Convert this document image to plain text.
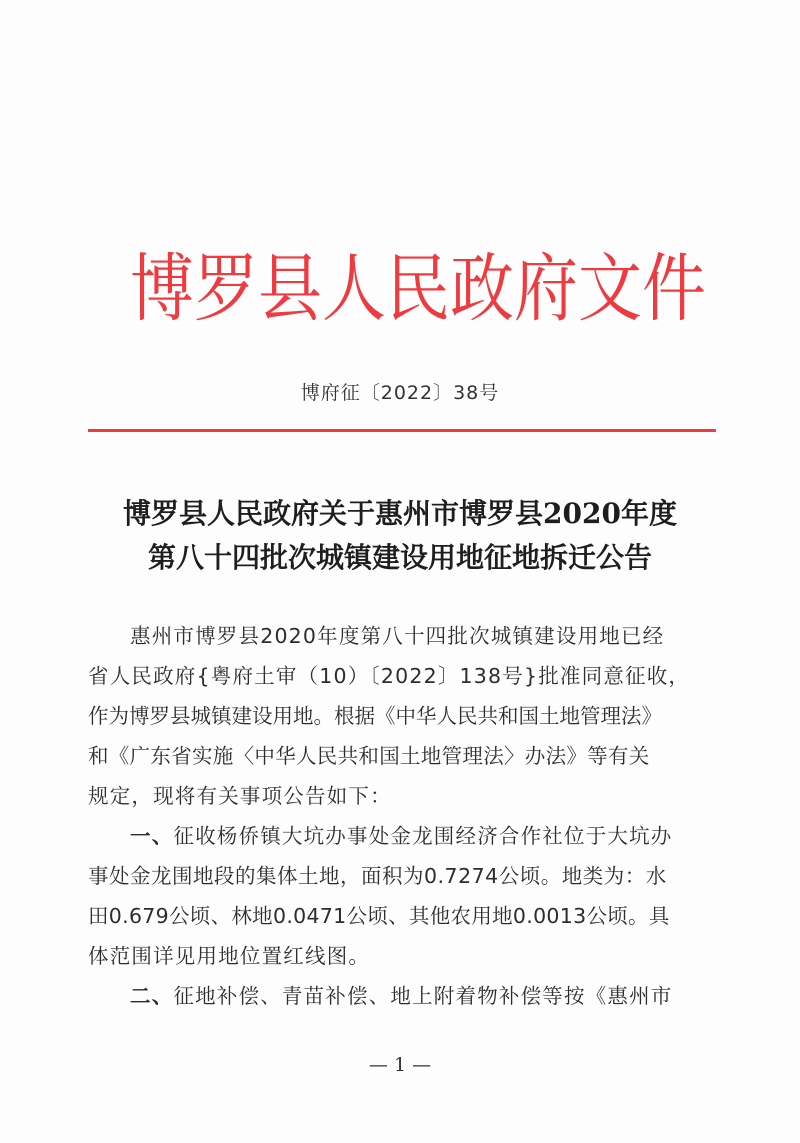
博 罗 县 人 民 政 府 文 件
博府征〔2022〕38号
博罗县人民政府关于惠州市博罗县2020年度
第八十四批次城镇建设用地征地拆迁公告
惠州市博罗县2020年度第八十四批次城镇建设用地已经
省人民政府{粤府土审（10）〔2022〕138号}批准同意征收，
作为博罗县城镇建设用地。根据《中华人民共和国土地管理法》
和《广东省实施〈中华人民共和国土地管理法〉办法》等有关
规定，现将有关事项公告如下：
一、征收杨侨镇大坑办事处金龙围经济合作社位于大坑办
事处金龙围地段的集体土地，面积为0.7274公顷。地类为：水
田0.679公顷、林地0.0471公顷、其他农用地0.0013公顷。具
体范围详见用地位置红线图。
二、征地补偿、青苗补偿、地上附着物补偿等按《惠州市
— 1 —
